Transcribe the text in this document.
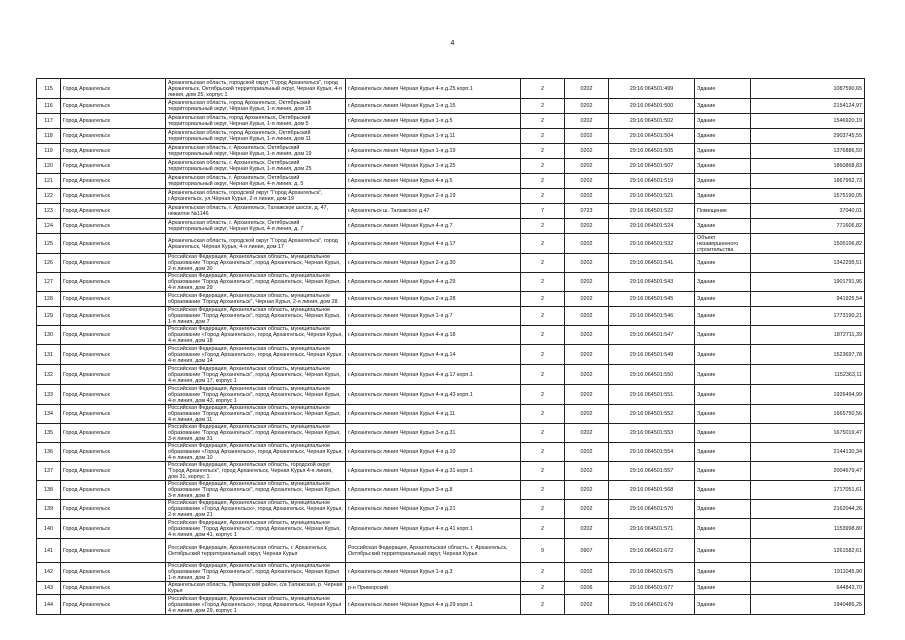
4
115	Город Архангельск	Архангельская область, городской округ "Город Архангельск", город Архангельск, Октябрьский территориальный округ, Черная Курья, 4-я линия, дом 25, корпус 1	г.Архангельск линия Чёрная Курья 4-я д.25 корп.1	2	0202	29:16:064501:499	Здание	1087590,65
116	Город Архангельск	Архангельская область, город Архангельск, Октябрьский территориальный округ, Чёрная Курья, 1-я линия, дом 15	г.Архангельск линия Чёрная Курья 1-я д.15	2	0202	29:16:064501:500	Здание	2154124,97
117	Город Архангельск	Архангельская область, город Архангельск, Октябрьский территориальный округ, Черная Курья, 1-я линия, дом 5	г.Архангельск линия Чёрная Курья 1-я д.5	2	0202	29:16:064501:502	Здание	1546920,19
118	Город Архангельск	Архангельская область, город Архангельск, Октябрьский территориальный округ, Черная Курья, 1-я линия, дом 11	г.Архангельск линия Чёрная Курья 1-я д.11	2	0202	29:16:064501:504	Здание	2903745,55
119	Город Архангельск	Архангельская область, г. Архангельск, Октябрьский территориальный округ, Чёрная Курья, 1-я линия, дом 19	г.Архангельск линия Чёрная Курья 1-я д.19	2	0202	29:16:064501:505	Здание	1376886,50
120	Город Архангельск	Архангельская область, г. Архангельск, Октябрьский территориальный округ, Черная Курья, 1-я линия, дом 25	г.Архангельск линия Чёрная Курья 1-я д.25	2	0202	29:16:064501:507	Здание	1860868,83
121	Город Архангельск	Архангельская область, г. Архангельск, Октябрьский территориальный округ, Черная Курья, 4-я линия, д. 5	г.Архангельск линия Чёрная Курья 4-я д.5	2	0202	29:16:064501:519	Здание	1867992,73
122	Город Архангельск	Архангельская область, городской округ "Город Архангельск", г.Архангельск, ул.Чёрная Курья, 2-я линия, дом 19	г.Архангельск линия Чёрная Курья 2-я д.19	2	0202	29:16:064501:521	Здание	1575190,05
123	Город Архангельск	Архангельская область, г. Архангельск, Талажское шоссе, д. 47, нежилое №1146	г.Архангельск ш. Талажское д.47	7	0723	29:16:064501:522	Помещение	37040,01
124	Город Архангельск	Архангельская область, г. Архангельск, Октябрьский территориальный округ, Черная Курья, 4-я линия, д. 7	г.Архангельск линия Чёрная Курья 4-я д.7	2	0202	29:16:064501:524	Здание	771606,82
125	Город Архангельск	Архангельская область, городской округ "Город Архангельск", город Архангельск, Чёрная Курья, 4-я линия, дом 17	г.Архангельск линия Чёрная Курья 4-я д.17	2	0202	29:16:064501:532	Объект незавершенного строительства	1505106,82
126	Город Архангельск	Российская Федерация, Архангельская область, муниципальное образование "Город Архангельск", город Архангельск, Черная Курья, 2-я линия, дом 30	г.Архангельск линия Чёрная Курья 2-я д.30	2	0202	29:16:064501:541	Здание	1342295,51
127	Город Архангельск	Российская Федерация, Архангельская область, муниципальное образование "Город Архангельск", город Архангельск, Чёрная Курья, 4-я линия, дом 29	г.Архангельск линия Чёрная Курья 4-я д.29	2	0202	29:16:064501:543	Здание	1901791,96
128	Город Архангельск	Российская Федерация, Архангельская область, муниципальное образование "Город Архангельск", Черная Курья, 2-я линия, дом 28	г.Архангельск линия Чёрная Курья 2-я д.28	2	0202	29:16:064501:545	Здание	941925,54
129	Город Архангельск	Российская Федерация, Архангельская область, муниципальное образование "Город Архангельск", город Архангельск, Чёрная Курья, 1-я линия, дом 7	г.Архангельск линия Чёрная Курья 1-я д.7	2	0202	29:16:064501:546	Здание	1773190,21
130	Город Архангельск	Российская Федерация, Архангельская область, муниципальное образование «Город Архангельск», город Архангельск, Чёрная Курья, 4-я линия, дом 18	г.Архангельск линия Чёрная Курья 4-я д.18	2	0202	29:16:064501:547	Здание	1872711,39
131	Город Архангельск	Российская Федерация, Архангельская область, муниципальное образование «Город Архангельск», город Архангельск, Черная Курья, 4-я линия, дом 14	г.Архангельск линия Чёрная Курья 4-я д.14	2	0202	29:16:064501:549	Здание	1523697,78
132	Город Архангельск	Российская Федерация, Архангельская область, муниципальное образование "Город Архангельск", город Архангельск, Чёрная Курья, 4-я линия, дом 17, корпус 1	г.Архангельск линия Чёрная Курья 4-я д.17 корп.1	2	0202	29:16:064501:550	Здание	1152363,11
133	Город Архангельск	Российская Федерация, Архангельская область, муниципальное образование "Город Архангельск", город Архангельск, Чёрная Курья, 4-я линия, дом 43, корпус 1	г.Архангельск линия Чёрная Курья 4-я д.43 корп.1	2	0202	29:16:064501:551	Здание	1926494,99
134	Город Архангельск	Российская Федерация, Архангельская область, муниципальное образование "Город Архангельск", город Архангельск, Чёрная Курья, 4-я линия, дом 11	г.Архангельск линия Чёрная Курья 4-я д.11	2	0202	29:16:064501:552	Здание	1665750,56
135	Город Архангельск	Российская Федерация, Архангельская область, муниципальное образование "Город Архангельск", город Архангельск, Черная Курья, 3-я линия, дом 31	г.Архангельск линия Чёрная Курья 3-я д.31	2	0202	29:16:064501:553	Здание	1675019,47
136	Город Архангельск	Российская Федерация, Архангельская область, муниципальное образование «Город Архангельск», город Архангельск, Черная Курья, 4-я линия, дом 10	г.Архангельск линия Чёрная Курья 4-я д.10	2	0202	29:16:064501:554	Здание	2144130,34
137	Город Архангельск	Российская Федерация, Архангельская область, городской округ "Город Архангельск", город Архангельск, Черная Курья 4-я линия, дом 31, корпус 1	г.Архангельск линия Чёрная Курья 4-я д.31 корп.1	2	0202	29:16:064501:557	Здание	2004679,47
138	Город Архангельск	Российская Федерация, Архангельская область, муниципальное образование "Город Архангельск", город Архангельск, Черная Курья, 3-я линия, дом 8	г.Архангельск линия Чёрная Курья 3-я д.8	2	0202	29:16:064501:568	Здание	1717051,61
139	Город Архангельск	Российская Федерация, Архангельская область, муниципальное образование «Город Архангельск», город Архангельск, Черная Курья, 2-я линия, дом 21	г.Архангельск линия Чёрная Курья 2-я д.21	2	0202	29:16:064501:570	Здание	2162044,26
140	Город Архангельск	Российская Федерация, Архангельская область, муниципальное образование "Город Архангельск", город Архангельск, Чёрная Курья, 4-я линия, дом 41, корпус 1	г.Архангельск линия Чёрная Курья 4-я д.41 корп.1	2	0202	29:16:064501:571	Здание	1153998,80
141	Город Архангельск	Российская Федерация, Архангельская область, г. Архангельск, Октябрьский территориальный округ, Черная Курья	Российская Федерация, Архангельская область, г. Архангельск, Октябрьский территориальный округ, Черная Курья	9	0907	29:16:064501:672	Здание	1261582,61
142	Город Архангельск	Российская Федерация, Архангельская область, муниципальное образование "Город Архангельск", город Архангельск, Черная Курья 1-я линия, дом 3	г.Архангельск линия Чёрная Курья 1-я д.3	2	0202	29:16:064501:675	Здание	1911045,90
143	Город Архангельск	Архангельская область, Приморский район, с/а Талажская, р. Черная Курья	р-н Приморский	2	0206	29:16:064501:677	Здание	644843,70
144	Город Архангельск	Российская Федерация, Архангельская область, муниципальное образование «Город Архангельск», город Архангельск, Черная Курья 4-я линия, дом 29, корпус 1	г.Архангельск линия Чёрная Курья 4-я д.29 корп.1	2	0202	29:16:064501:679	Здание	1940486,25
